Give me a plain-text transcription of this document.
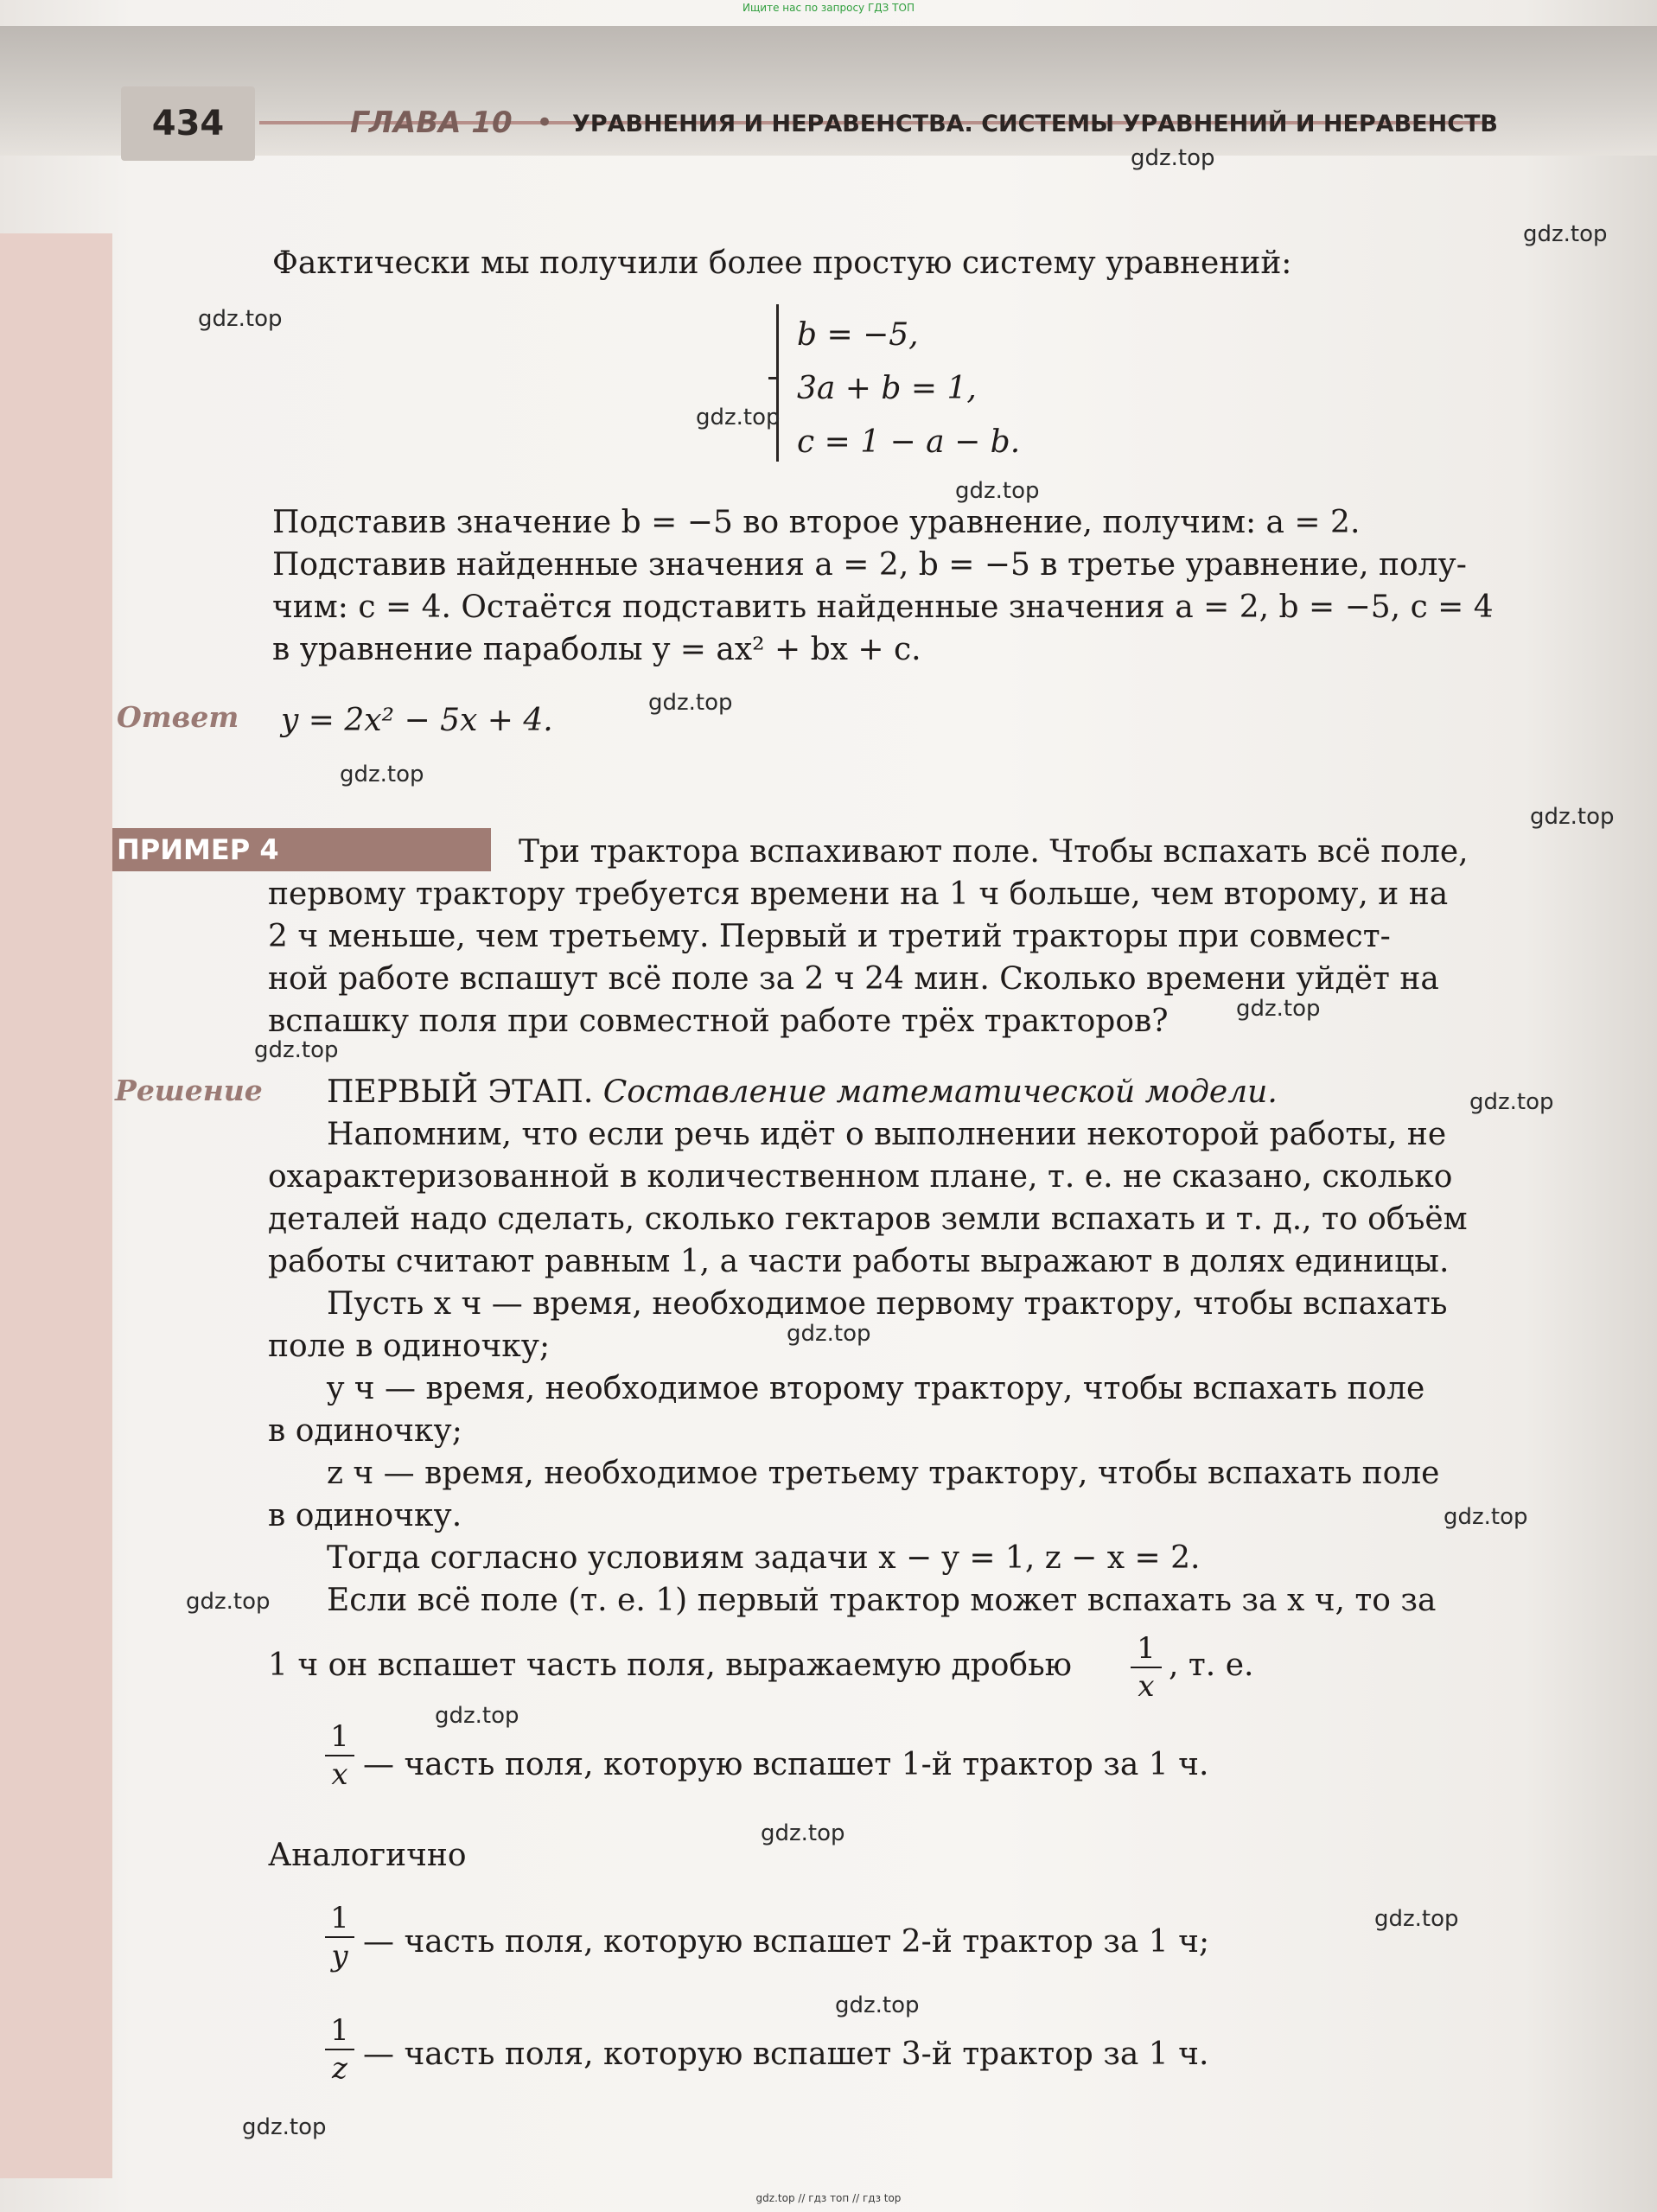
Ищите нас по запросу ГДЗ ТОП
434	ГЛАВА 10 • УРАВНЕНИЯ И НЕРАВЕНСТВА. СИСТЕМЫ УРАВНЕНИЙ И НЕРАВЕНСТВ
Фактически мы получили более простую систему уравнений:
b = −5,
3a + b = 1,
c = 1 − a − b.
Подставив значение b = −5 во второе уравнение, получим: a = 2.
Подставив найденные значения a = 2, b = −5 в третье уравнение, полу-
чим: c = 4. Остаётся подставить найденные значения a = 2, b = −5, c = 4
в уравнение параболы y = ax² + bx + c.
Ответ y = 2x² − 5x + 4.
ПРИМЕР 4	Три трактора вспахивают поле. Чтобы вспахать всё поле,
первому трактору требуется времени на 1 ч больше, чем второму, и на
2 ч меньше, чем третьему. Первый и третий тракторы при совмест-
ной работе вспашут всё поле за 2 ч 24 мин. Сколько времени уйдёт на
вспашку поля при совместной работе трёх тракторов?
Решение ПЕРВЫЙ ЭТАП. Составление математической модели.
Напомним, что если речь идёт о выполнении некоторой работы, не
охарактеризованной в количественном плане, т. е. не сказано, сколько
деталей надо сделать, сколько гектаров земли вспахать и т. д., то объём
работы считают равным 1, а части работы выражают в долях единицы.
Пусть x ч — время, необходимое первому трактору, чтобы вспахать
поле в одиночку;
y ч — время, необходимое второму трактору, чтобы вспахать поле
в одиночку;
z ч — время, необходимое третьему трактору, чтобы вспахать поле
в одиночку.
Тогда согласно условиям задачи x − y = 1, z − x = 2.
Если всё поле (т. е. 1) первый трактор может вспахать за x ч, то за
1 ч он вспашет часть поля, выражаемую дробью 1
x
, т. е.
1
x — часть поля, которую вспашет 1-й трактор за 1 ч.
Аналогично
1
y — часть поля, которую вспашет 2-й трактор за 1 ч;
1
z — часть поля, которую вспашет 3-й трактор за 1 ч.
gdz.top
gdz.top
gdz.top
gdz.top
gdz.top
gdz.top
gdz.top
gdz.top
gdz.top
gdz.top
gdz.top
gdz.top
gdz.top
gdz.top
gdz.top
gdz.top
gdz.top
gdz.top
gdz.top
gdz.top // гдз топ // гдз top
